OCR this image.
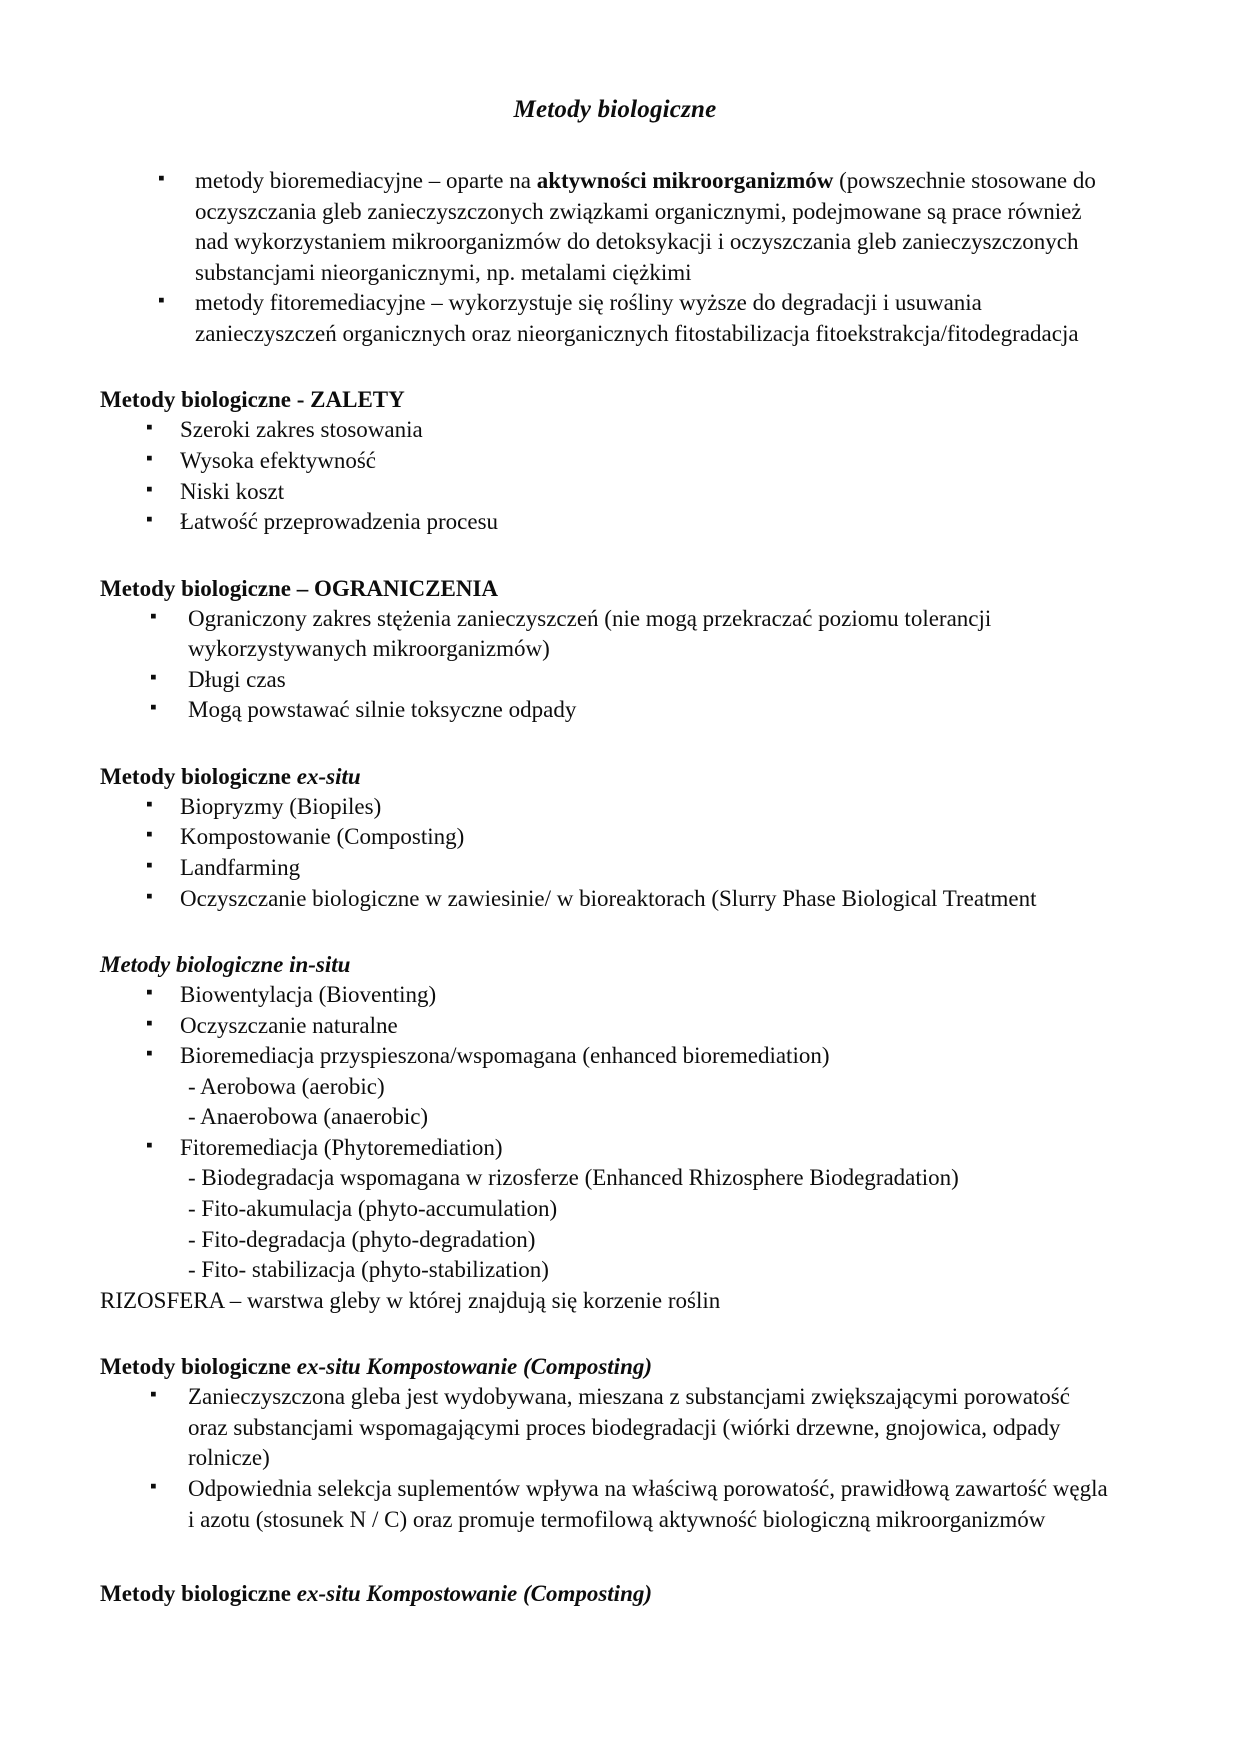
Metody biologiczne
▪ metody bioremediacyjne – oparte na aktywności mikroorganizmów (powszechnie stosowane do oczyszczania gleb zanieczyszczonych związkami organicznymi, podejmowane są prace również nad wykorzystaniem mikroorganizmów do detoksykacji i oczyszczania gleb zanieczyszczonych substancjami nieorganicznymi, np. metalami ciężkimi
▪ metody fitoremediacyjne – wykorzystuje się rośliny wyższe do degradacji i usuwania zanieczyszczeń organicznych oraz nieorganicznych fitostabilizacja fitoekstrakcja/fitodegradacja
Metody biologiczne - ZALETY
▪ Szeroki zakres stosowania
▪ Wysoka efektywność
▪ Niski koszt
▪ Łatwość przeprowadzenia procesu
Metody biologiczne – OGRANICZENIA
▪ Ograniczony zakres stężenia zanieczyszczeń (nie mogą przekraczać poziomu tolerancji wykorzystywanych mikroorganizmów)
▪ Długi czas
▪ Mogą powstawać silnie toksyczne odpady
Metody biologiczne ex-situ
▪ Biopryzmy (Biopiles)
▪ Kompostowanie (Composting)
▪ Landfarming
▪ Oczyszczanie biologiczne w zawiesinie/ w bioreaktorach (Slurry Phase Biological Treatment
Metody biologiczne in-situ
▪ Biowentylacja (Bioventing)
▪ Oczyszczanie naturalne
▪ Bioremediacja przyspieszona/wspomagana (enhanced bioremediation)
- Aerobowa (aerobic)
- Anaerobowa (anaerobic)
▪ Fitoremediacja (Phytoremediation)
- Biodegradacja wspomagana w rizosferze (Enhanced Rhizosphere Biodegradation)
- Fito-akumulacja (phyto-accumulation)
- Fito-degradacja (phyto-degradation)
- Fito- stabilizacja (phyto-stabilization)
RIZOSFERA – warstwa gleby w której znajdują się korzenie roślin
Metody biologiczne ex-situ Kompostowanie (Composting)
▪ Zanieczyszczona gleba jest wydobywana, mieszana z substancjami zwiększającymi porowatość oraz substancjami wspomagającymi proces biodegradacji (wiórki drzewne, gnojowica, odpady rolnicze)
▪ Odpowiednia selekcja suplementów wpływa na właściwą porowatość, prawidłową zawartość węgla i azotu (stosunek N / C) oraz promuje termofilową aktywność biologiczną mikroorganizmów
Metody biologiczne ex-situ Kompostowanie (Composting)
